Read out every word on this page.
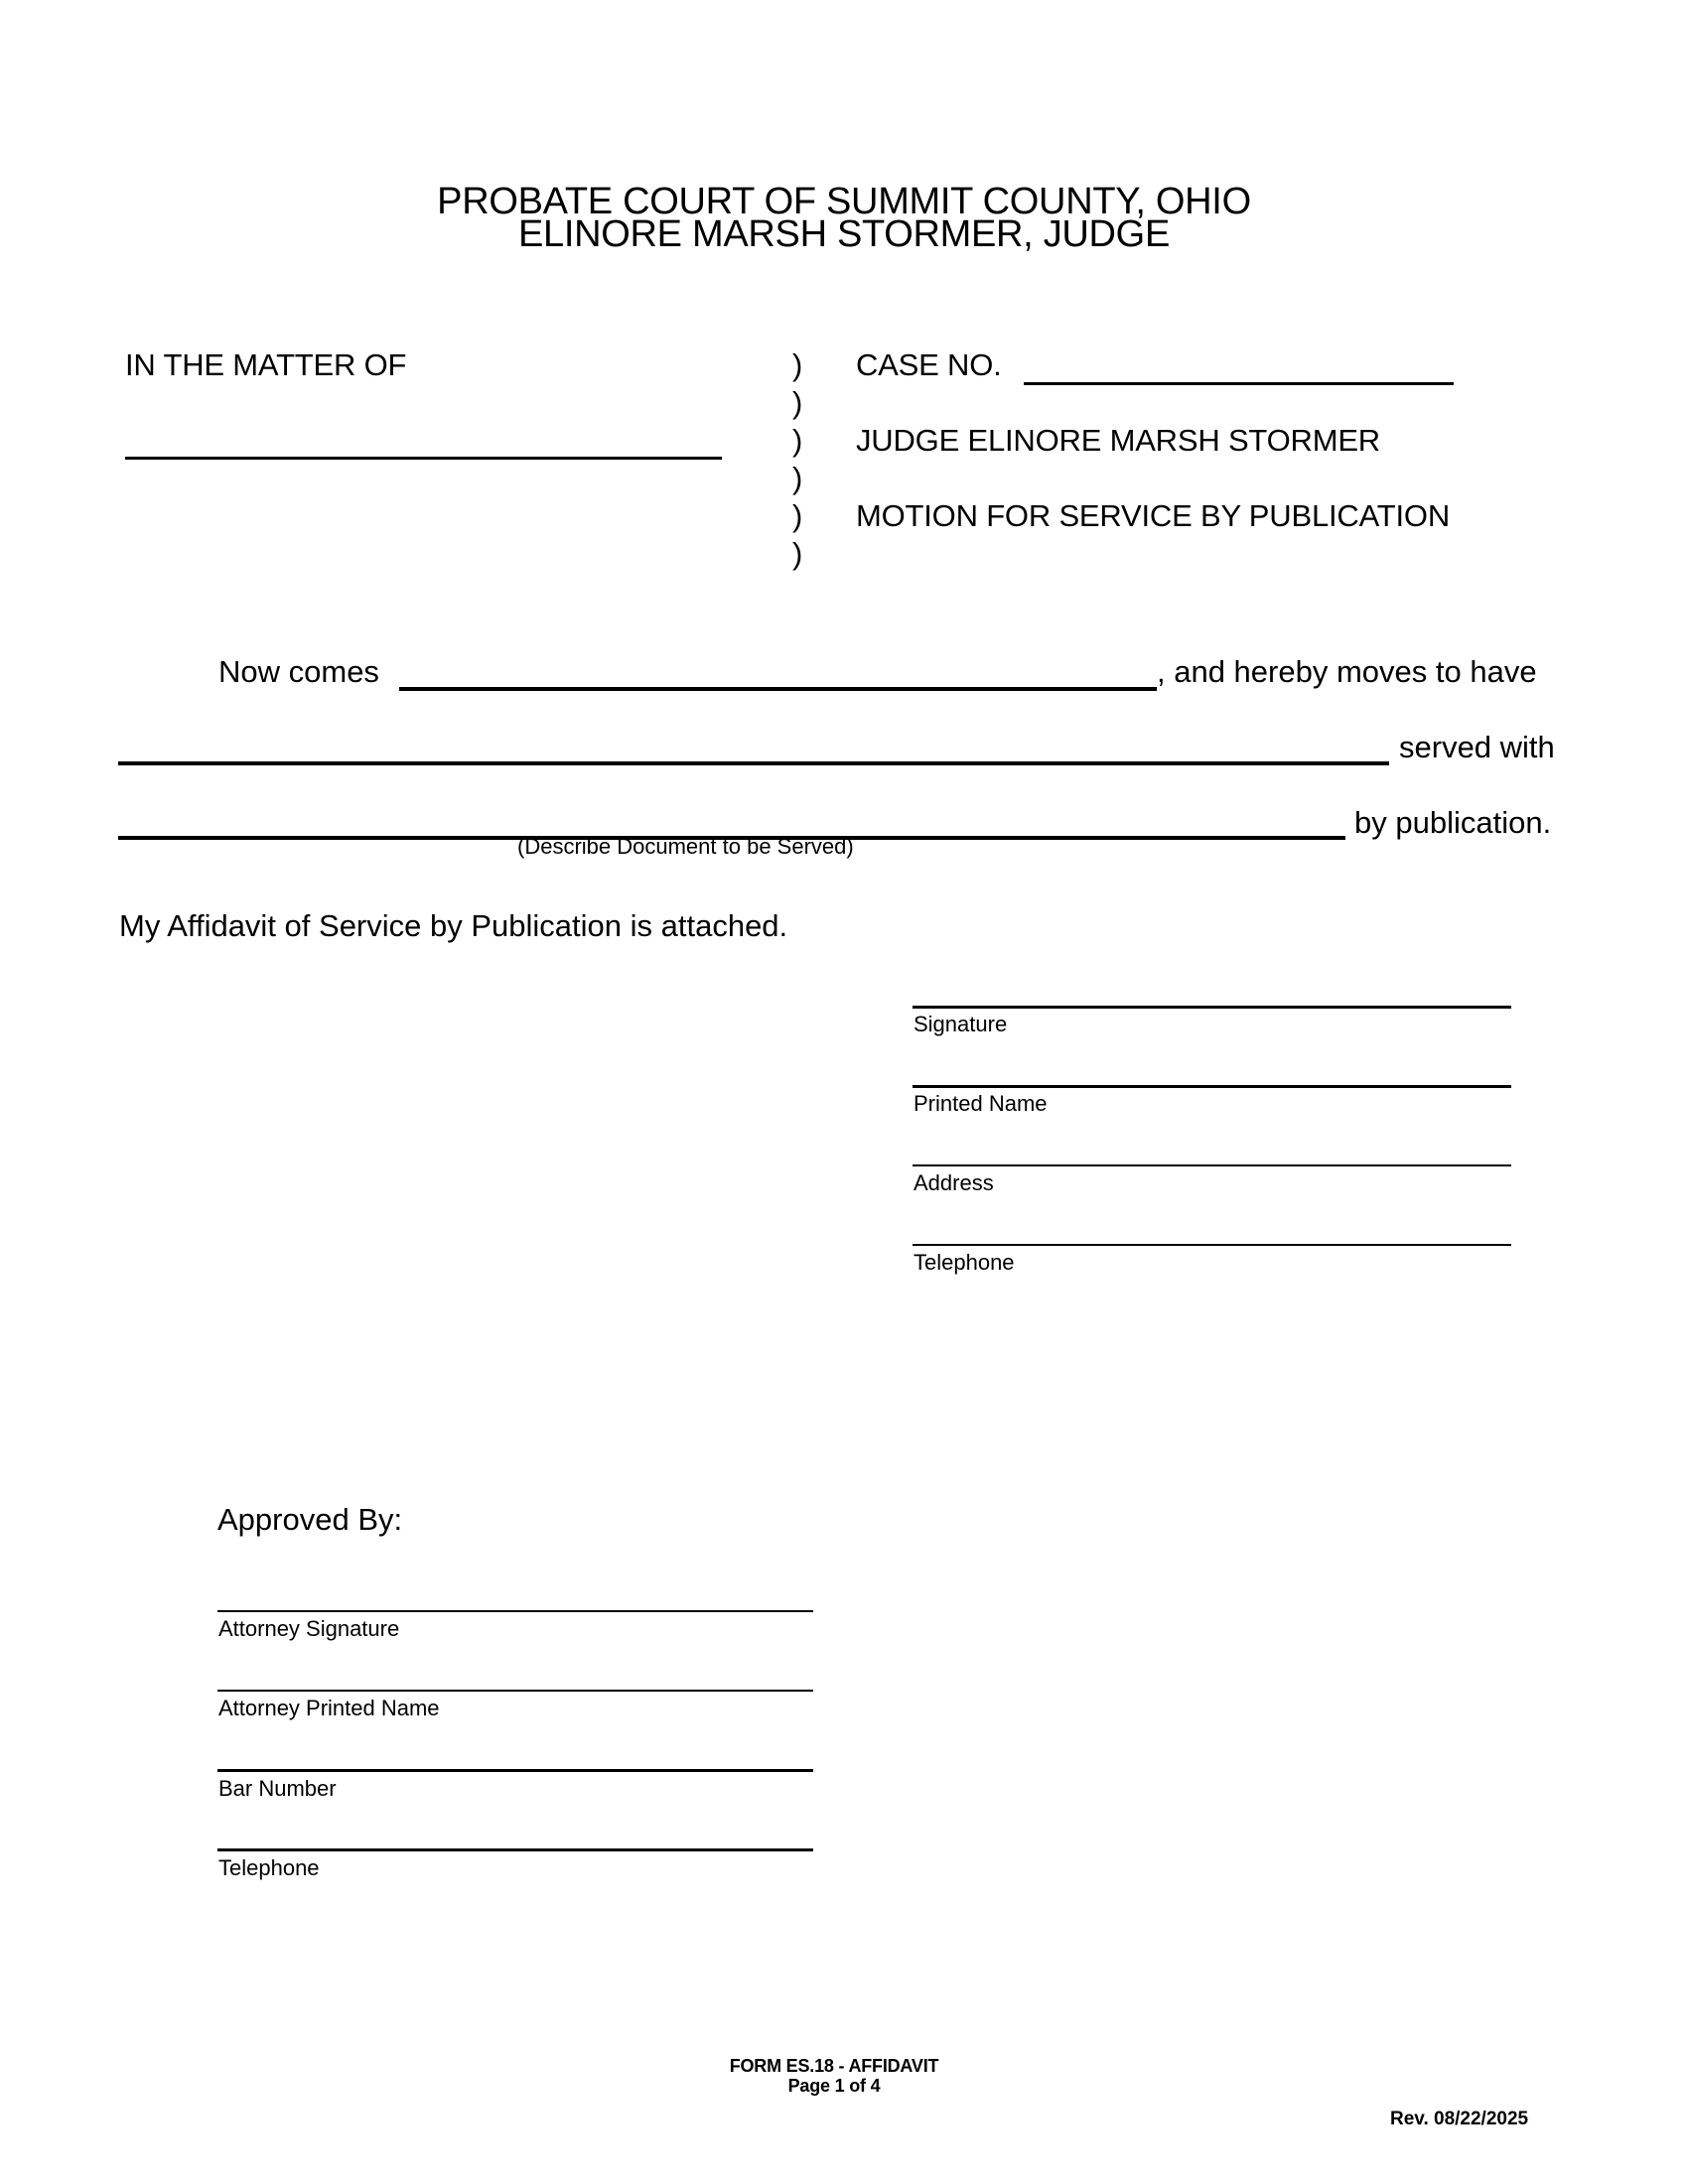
PROBATE COURT OF SUMMIT COUNTY, OHIO
ELINORE MARSH STORMER, JUDGE
IN THE MATTER OF	)
)
)
)
)
)
CASE NO.
JUDGE ELINORE MARSH STORMER
MOTION FOR SERVICE BY PUBLICATION
Now comes	, and hereby moves to have
served with
by publication.
(Describe Document to be Served)
My Affidavit of Service by Publication is attached.
Signature
Printed Name
Address
Telephone
Approved By:
Attorney Signature
Attorney Printed Name
Bar Number
Telephone
FORM ES.18 - AFFIDAVIT
Page 1 of 4
Rev. 08/22/2025
